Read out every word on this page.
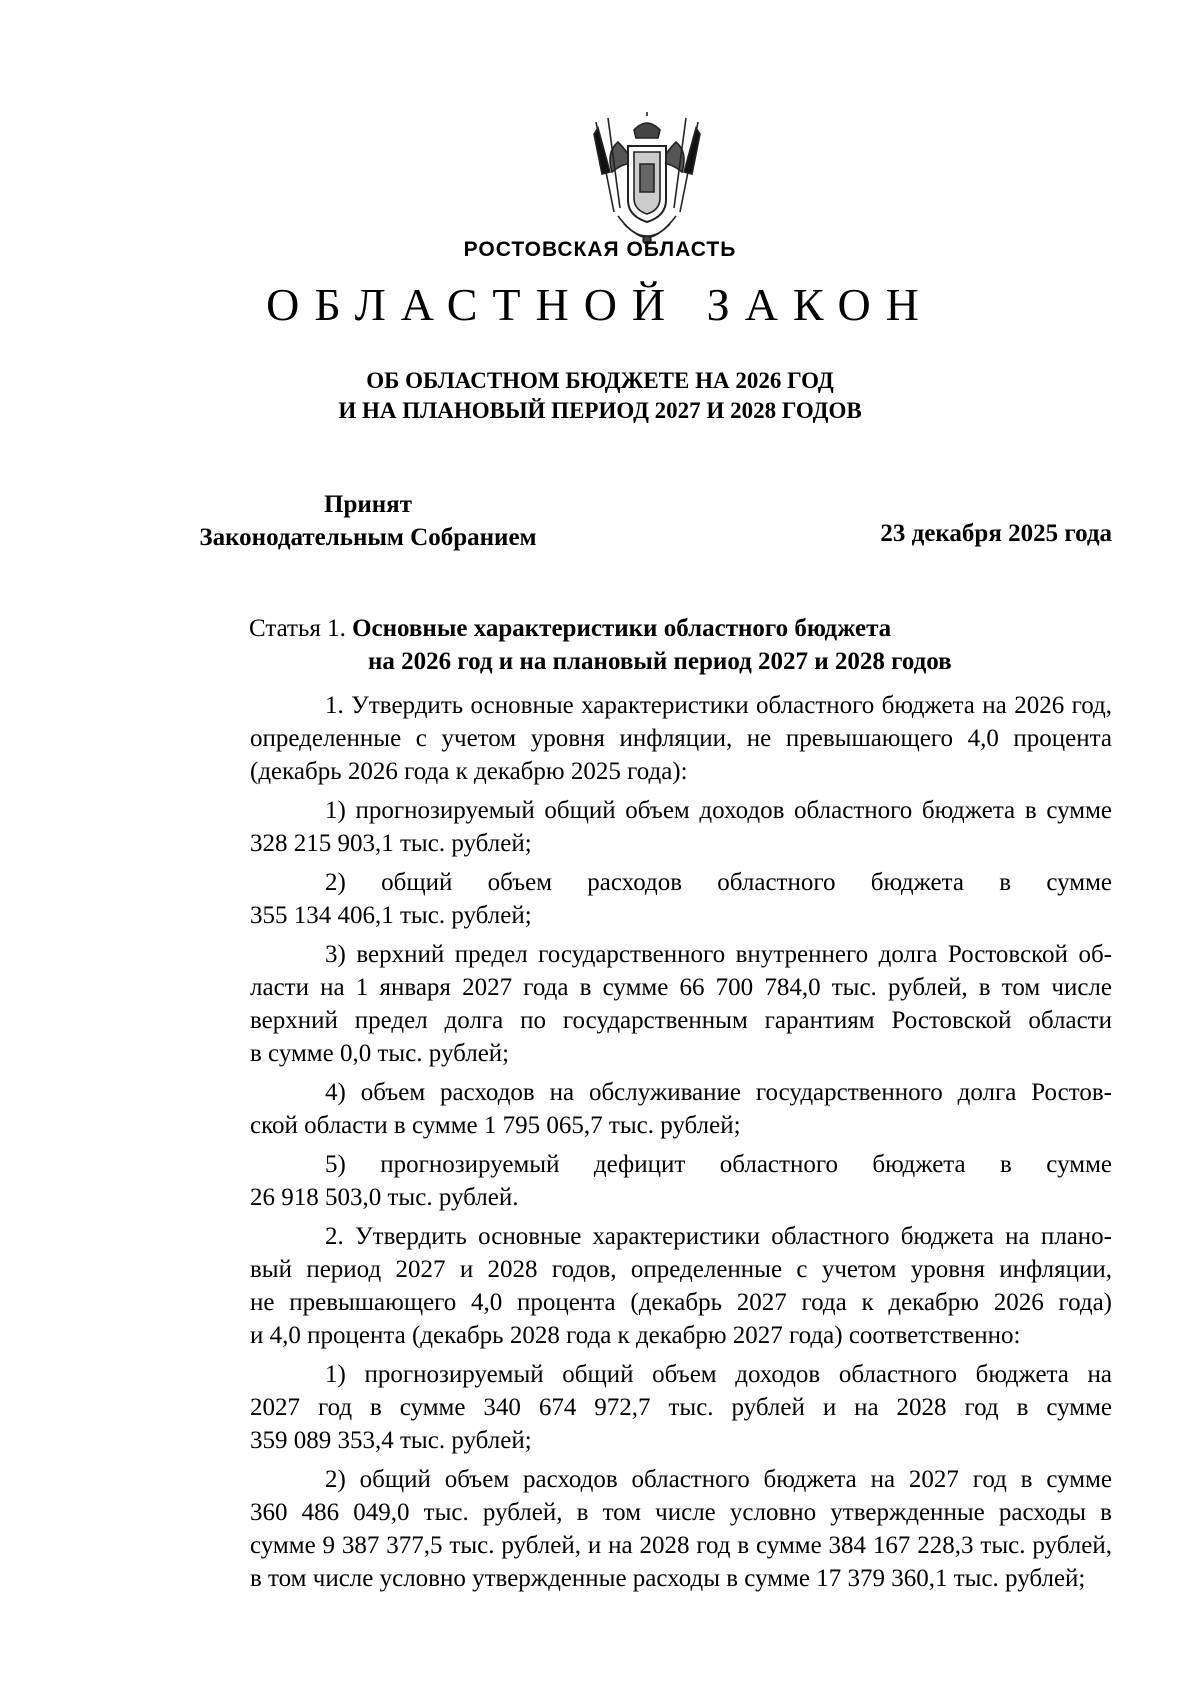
РОСТОВСКАЯ ОБЛАСТЬ
ОБЛАСТНОЙ ЗАКОН
ОБ ОБЛАСТНОМ БЮДЖЕТЕ НА 2026 ГОД
И НА ПЛАНОВЫЙ ПЕРИОД 2027 И 2028 ГОДОВ
Принят
Законодательным Собранием	23 декабря 2025 года
Статья 1. Основные характеристики областного бюджета
на 2026 год и на плановый период 2027 и 2028 годов
1. Утвердить основные характеристики областного бюджета на 2026 год,
определенные с учетом уровня инфляции, не превышающего 4,0 процента
(декабрь 2026 года к декабрю 2025 года):
1) прогнозируемый общий объем доходов областного бюджета в сумме
328 215 903,1 тыс. рублей;
2) общий объем расходов областного бюджета в сумме
355 134 406,1 тыс. рублей;
3) верхний предел государственного внутреннего долга Ростовской об-
ласти на 1 января 2027 года в сумме 66 700 784,0 тыс. рублей, в том числе
верхний предел долга по государственным гарантиям Ростовской области
в сумме 0,0 тыс. рублей;
4) объем расходов на обслуживание государственного долга Ростов-
ской области в сумме 1 795 065,7 тыс. рублей;
5) прогнозируемый дефицит областного бюджета в сумме
26 918 503,0 тыс. рублей.
2. Утвердить основные характеристики областного бюджета на плано-
вый период 2027 и 2028 годов, определенные с учетом уровня инфляции,
не превышающего 4,0 процента (декабрь 2027 года к декабрю 2026 года)
и 4,0 процента (декабрь 2028 года к декабрю 2027 года) соответственно:
1) прогнозируемый общий объем доходов областного бюджета на
2027 год в сумме 340 674 972,7 тыс. рублей и на 2028 год в сумме
359 089 353,4 тыс. рублей;
2) общий объем расходов областного бюджета на 2027 год в сумме
360 486 049,0 тыс. рублей, в том числе условно утвержденные расходы в
сумме 9 387 377,5 тыс. рублей, и на 2028 год в сумме 384 167 228,3 тыс. рублей,
в том числе условно утвержденные расходы в сумме 17 379 360,1 тыс. рублей;
